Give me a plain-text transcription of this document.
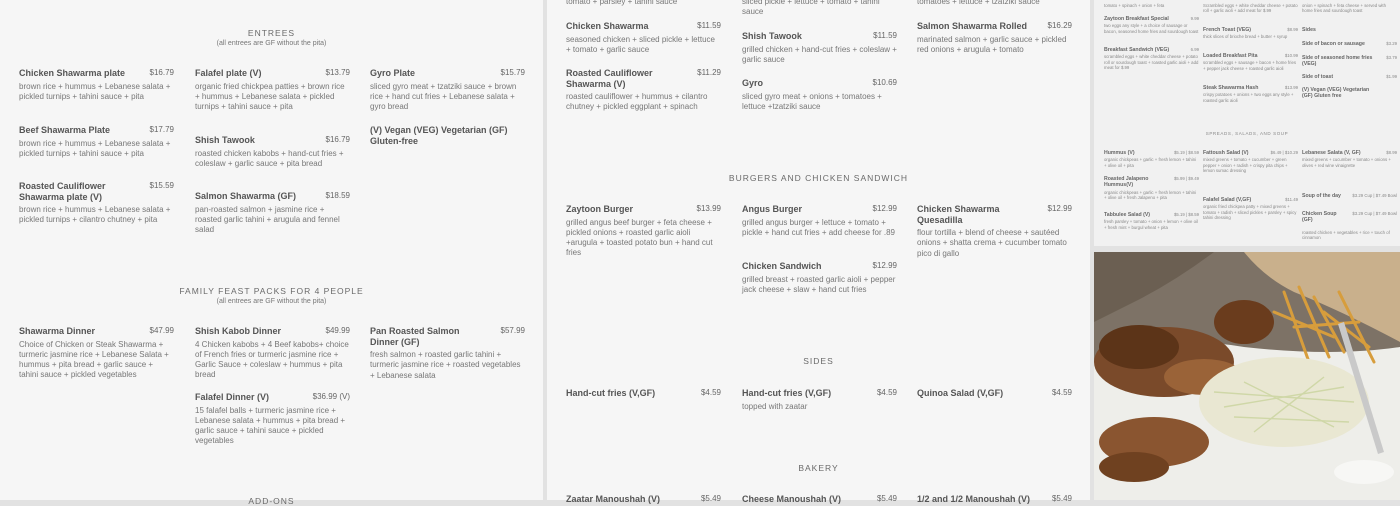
ENTREES
(all entrees are GF without the pita)
Chicken Shawarma plate	$16.79
brown rice + hummus + Lebanese salata + pickled turnips + tahini sauce + pita
Falafel plate (V)	$13.79
organic fried chickpea patties + brown rice + hummus + Lebanese salata + pickled turnips + tahini sauce + pita
Gyro Plate	$15.79
sliced gyro meat + tzatziki sauce + brown rice + hand cut fries + Lebanese salata + gyro bread
Beef Shawarma Plate	$17.79
brown rice + hummus + Lebanese salata + pickled turnips + tahini sauce + pita
Shish Tawook	$16.79
roasted chicken kabobs + hand-cut fries + coleslaw + garlic sauce + pita bread
(V) Vegan (VEG) Vegetarian (GF) Gluten-free
Roasted Cauliflower Shawarma plate (V)
$15.59
brown rice + hummus + Lebanese salata + pickled turnips + cilantro chutney + pita
Salmon Shawarma (GF)	$18.59
pan-roasted salmon + jasmine rice + roasted garlic tahini + arugula and fennel salad
FAMILY FEAST PACKS FOR 4 PEOPLE
(all entrees are GF without the pita)
Shawarma Dinner	$47.99
Choice of Chicken or Steak Shawarma + turmeric jasmine rice + Lebanese Salata + hummus + pita bread + garlic sauce + tahini sauce + pickled vegetables
Shish Kabob Dinner	$49.99
4 Chicken kabobs + 4 Beef kabobs+ choice of French fries or turmeric jasmine rice + Garlic Sauce + coleslaw + hummus + pita bread
Pan Roasted Salmon Dinner (GF)
$57.99
fresh salmon + roasted garlic tahini + turmeric jasmine rice + roasted vegetables + Lebanese salata
Falafel Dinner (V)	$36.99 (V)
15 falafel balls + turmeric jasmine rice + Lebanese salata + hummus + pita bread + garlic sauce + tahini sauce + pickled vegetables
ADD-ONS
tomato + parsley + tahini sauce	sliced pickle + lettuce + tomato + tahini sauce
tomatoes + lettuce + tzatziki sauce
Chicken Shawarma	$11.59
seasoned chicken + sliced pickle + lettuce + tomato + garlic sauce
Shish Tawook	$11.59
grilled chicken + hand-cut fries + coleslaw + garlic sauce
Salmon Shawarma Rolled	$16.29
marinated salmon + garlic sauce + pickled red onions + arugula + tomato
Roasted Cauliflower Shawarma (V)
$11.29
roasted cauliflower + hummus + cilantro chutney + pickled eggplant + spinach
Gyro	$10.69
sliced gyro meat + onions + tomatoes + lettuce +tzatziki sauce
BURGERS AND CHICKEN SANDWICH
Zaytoon Burger	$13.99
grilled angus beef burger + feta cheese + pickled onions + roasted garlic aioli +arugula + toasted potato bun + hand cut fries
Angus Burger	$12.99
grilled angus burger + lettuce + tomato + pickle + hand cut fries + add cheese for .89
Chicken Shawarma Quesadilla
$12.99
flour tortilla + blend of cheese + sautéed onions + shatta crema + cucumber tomato pico di gallo
Chicken Sandwich	$12.99
grilled breast + roasted garlic aioli + pepper jack cheese + slaw + hand cut fries
SIDES
Hand-cut fries (V,GF)	$4.59 Hand-cut fries (V,GF)	$4.59
topped with zaatar
Quinoa Salad (V,GF)	$4.59
BAKERY
Zaatar Manoushah (V)	$5.49 Cheese Manoushah (V)	$5.49 1/2 and 1/2 Manoushah (V)	$5.49
tomato + spinach + onion + feta
Zaytoon Breakfast Special	9.99
two eggs any style + a choice of sausage or bacon, seasoned home fries and sourdough toast
Breakfast Sandwich (VEG)	6.99
scrambled eggs + white cheddar cheese + potato roll or sourdough toast + roasted garlic aioli + add meat for $.99
Scrambled eggs + white cheddar cheese + potato roll + garlic aioli + add meat for $.99
French Toast (VEG)	$8.99
thick slices of brioche bread + butter + syrup
Loaded Breakfast Pita	$10.99
scrambled eggs + sausage + bacon + home fries + pepper jack cheese + roasted garlic aioli
Steak Shawarma Hash	$13.99
crispy potatoes + onions + two eggs any style + roasted garlic aioli
onion + spinach + feta cheese + served with home fries and sourdough toast
Sides
Side of bacon or sausage	$3.29
Side of seasoned home fries (VEG)
$3.79
Side of toast	$1.99
(V) Vegan (VEG) Vegetarian (GF) Gluten free
SPREADS, SALADS, AND SOUP
Hummus (V)	$5.19 | $8.59
organic chickpeas + garlic + fresh lemon + tahini + olive oil + pita
Roasted Jalapeno Hummus(V)
$5.99 | $9.49
organic chickpeas + garlic + fresh lemon + tahini + olive oil + fresh Jalapeno + pita
Tabbulee Salad (V)	$5.19 | $8.59
fresh parsley + tomato + onion + lemon + olive oil + fresh mint + burgul wheat + pita
Fattoush Salad (V)	$6.49 | $10.29
mixed greens + tomato + cucumber + green pepper + onion + radish + crispy pita chips + lemon sumac dressing
Falafel Salad (V,GF)	$11.49
organic fried chickpea patty + mixed greens + tomato + radish + sliced pickles + parsley + spicy tahini dressing
Lebanese Salata (V, GF)	$8.99
mixed greens + cucumber + tomato + onions + olives + red wine vinaigrette
Soup of the day	$3.29 Cup | $7.49 Bowl
Chicken Soup (GF)
$3.29 Cup | $7.49 Bowl
roasted chicken + vegetables + rice + touch of cinnamon
